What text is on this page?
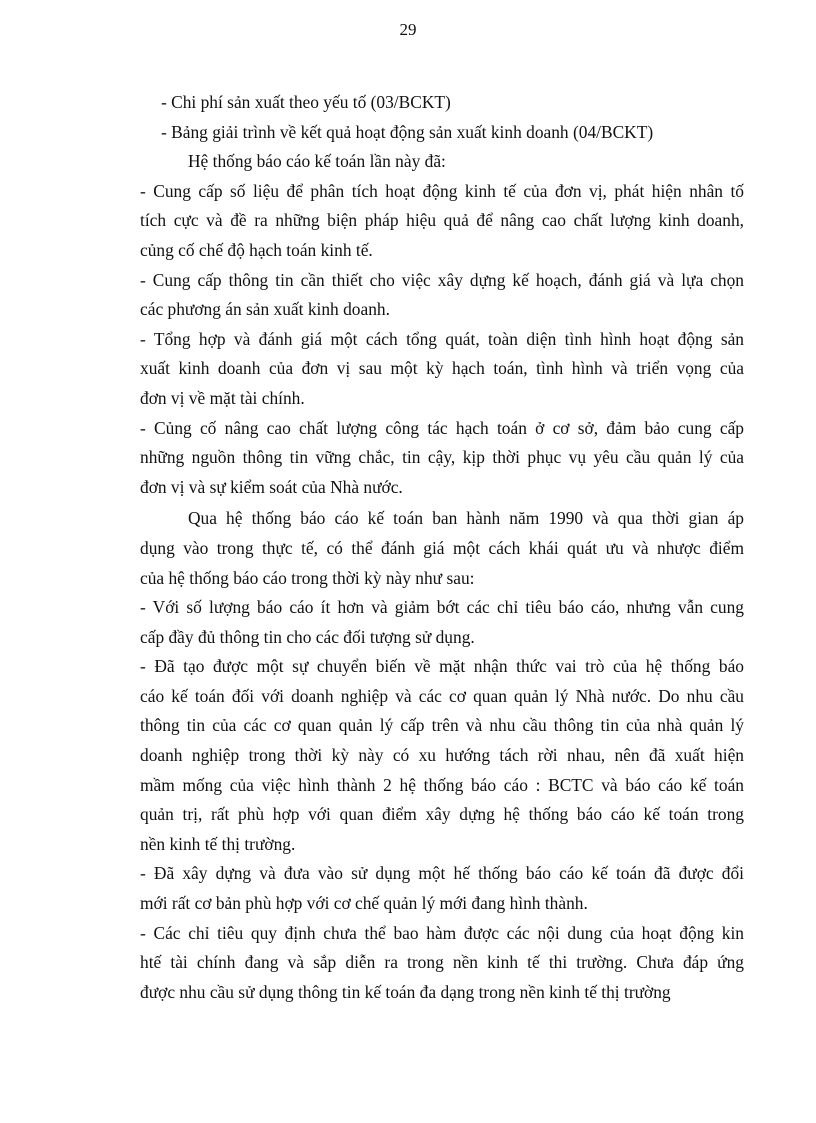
29
- Chi phí sản xuất theo yếu tố (03/BCKT)
- Bảng giải trình về kết quả hoạt động sản xuất kinh doanh (04/BCKT)
Hệ thống báo cáo kế toán lần này đã:
- Cung cấp số liệu để phân tích hoạt động kinh tế của đơn vị, phát hiện nhân tố
tích cực và đề ra những biện pháp hiệu quả để nâng cao chất lượng kinh doanh,
củng cố chế độ hạch toán kinh tế.
- Cung cấp thông tin cần thiết cho việc xây dựng kế hoạch, đánh giá và lựa chọn
các phương án sản xuất kinh doanh.
- Tổng hợp và đánh giá một cách tổng quát, toàn diện tình hình hoạt động sản
xuất kinh doanh của đơn vị sau một kỳ hạch toán, tình hình và triển vọng của
đơn vị về mặt tài chính.
- Củng cố nâng cao chất lượng công tác hạch toán ở cơ sở, đảm bảo cung cấp
những nguồn thông tin vững chắc, tin cậy, kịp thời phục vụ yêu cầu quản lý của
đơn vị và sự kiểm soát của Nhà nước.
Qua hệ thống báo cáo kế toán ban hành năm 1990 và qua thời gian áp
dụng vào trong thực tế, có thể đánh giá một cách khái quát ưu và nhược điểm
của hệ thống báo cáo trong thời kỳ này như sau:
- Với số lượng báo cáo ít hơn và giảm bớt các chỉ tiêu báo cáo, nhưng vẫn cung
cấp đầy đủ thông tin cho các đối tượng sử dụng.
- Đã tạo được một sự chuyển biến về mặt nhận thức vai trò của hệ thống báo
cáo kế toán đối với doanh nghiệp và các cơ quan quản lý Nhà nước. Do nhu cầu
thông tin của các cơ quan quản lý cấp trên và nhu cầu thông tin của nhà quản lý
doanh nghiệp trong thời kỳ này có xu hướng tách rời nhau, nên đã xuất hiện
mầm mống của việc hình thành 2 hệ thống báo cáo : BCTC và báo cáo kế toán
quản trị, rất phù hợp với quan điểm xây dựng hệ thống báo cáo kế toán trong
nền kinh tế thị trường.
- Đã xây dựng và đưa vào sử dụng một hế thống báo cáo kế toán đã được đổi
mới rất cơ bản phù hợp với cơ chế quản lý mới đang hình thành.
- Các chỉ tiêu quy định chưa thể bao hàm được các nội dung của hoạt động kin
htế tài chính đang và sắp diễn ra trong nền kinh tế thi trường. Chưa đáp ứng
được nhu cầu sử dụng thông tin kế toán đa dạng trong nền kinh tế thị trường
